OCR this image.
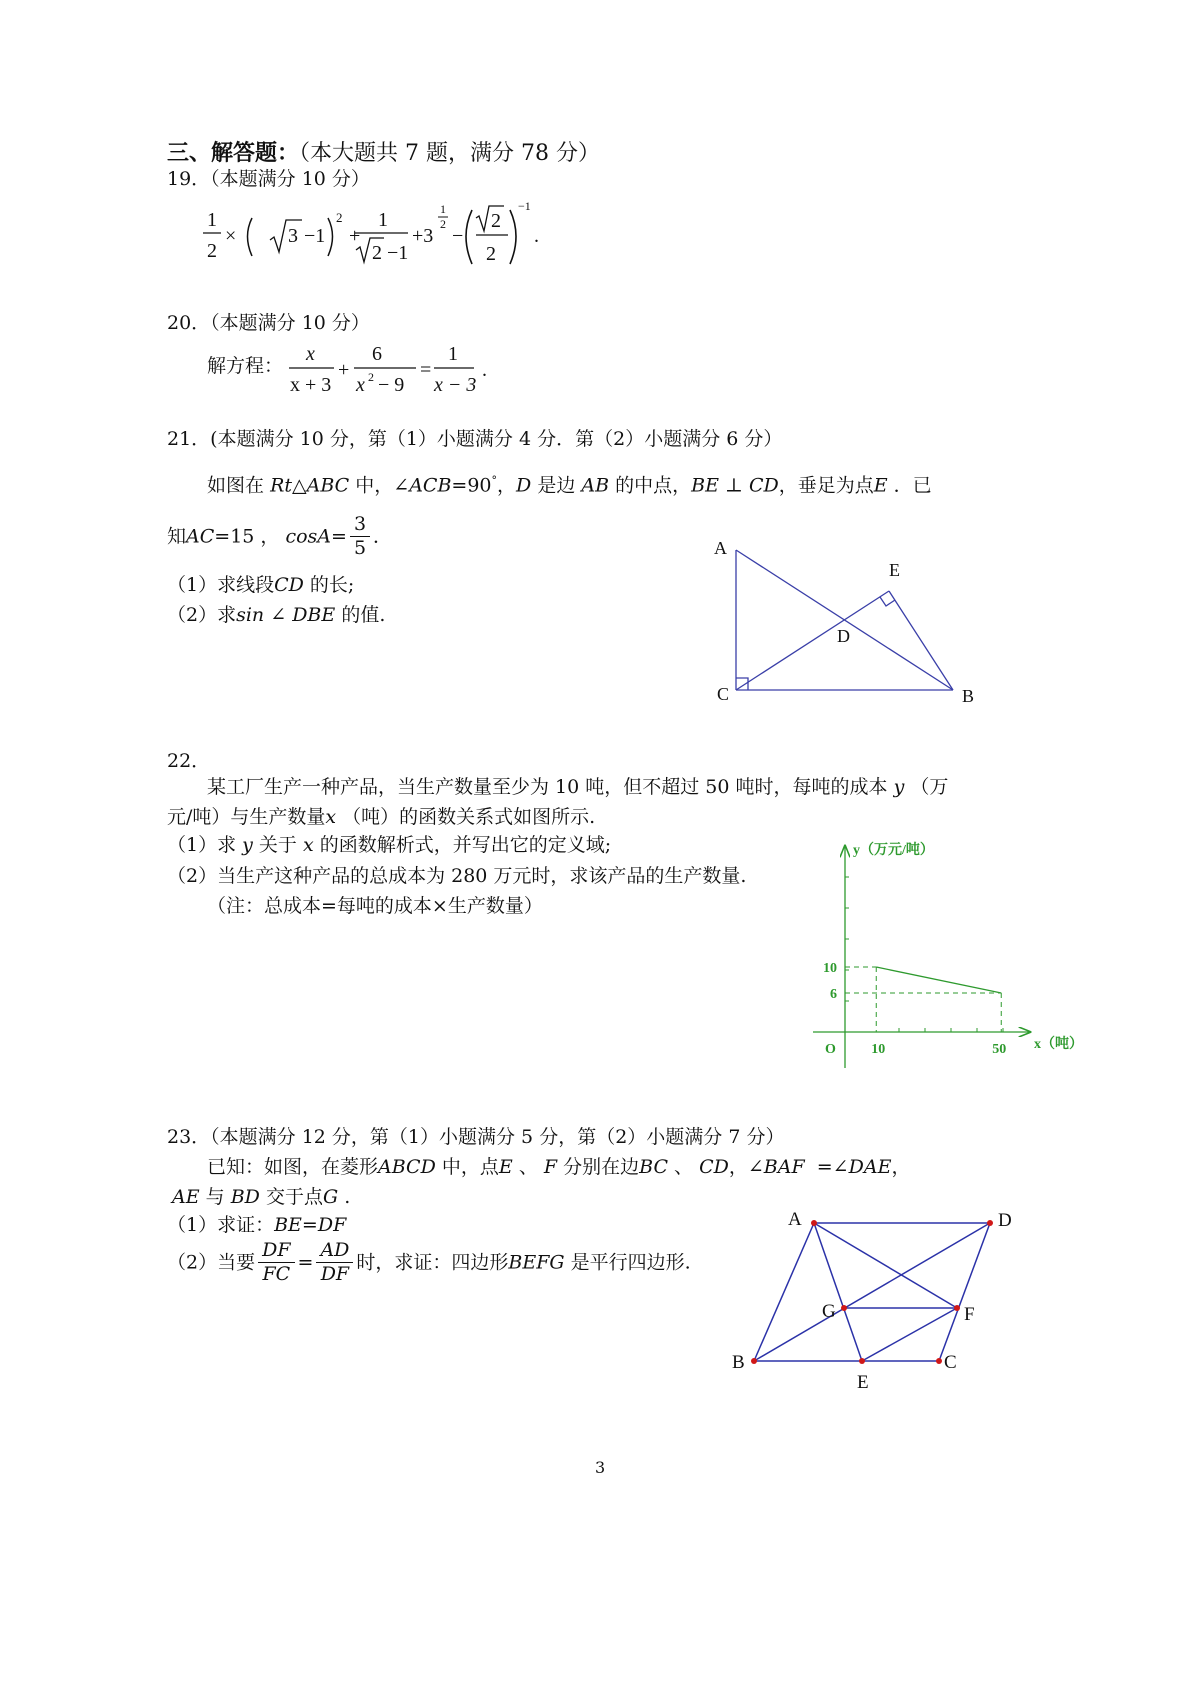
三、解答题：（本大题共 7 题，满分 78 分）
19．（本题满分 10 分）
1
2
×	3 −1
2
+
1
2 −1
+3
1
2
−
2
2
−1
.
20．（本题满分 10 分）
解方程：
x
x + 3
+
6
x 2 − 9
=
1
x − 3
.
21．(本题满分 10 分，第（1）小题满分 4 分．第（2）小题满分 6 分）
如图在 Rt△ABC 中，∠ACB=90°，D 是边 AB 的中点，BE ⊥ CD，垂足为点E ．已
知AC=15 ， $\cos A= \frac{3}{5}$ ．
（1）求线段CD 的长;
（2）求sin ∠ DBE 的值.
A
E
D
C	B
22．
某工厂生产一种产品，当生产数量至少为 10 吨，但不超过 50 吨时，每吨的成本 y （万
元/吨）与生产数量x （吨）的函数关系式如图所示.
（1）求 y 关于 x 的函数解析式，并写出它的定义域;
（2）当生产这种产品的总成本为 280 万元时，求该产品的生产数量.
（注：总成本=每吨的成本×生产数量）
y（万元/吨）
x（吨）
O	10	50
10
6
23．（本题满分 12 分，第（1）小题满分 5 分，第（2）小题满分 7 分）
已知：如图，在菱形ABCD 中，点E 、 F 分别在边BC 、 CD，∠BAF =∠DAE，
AE 与 BD 交于点G .
（1）求证：BE=DF
（2）当要 $\frac{DF}{FC} = \frac{AD}{DF}$ 时，求证：四边形BEFG 是平行四边形.
A	D
G	F
B
E
C
3
